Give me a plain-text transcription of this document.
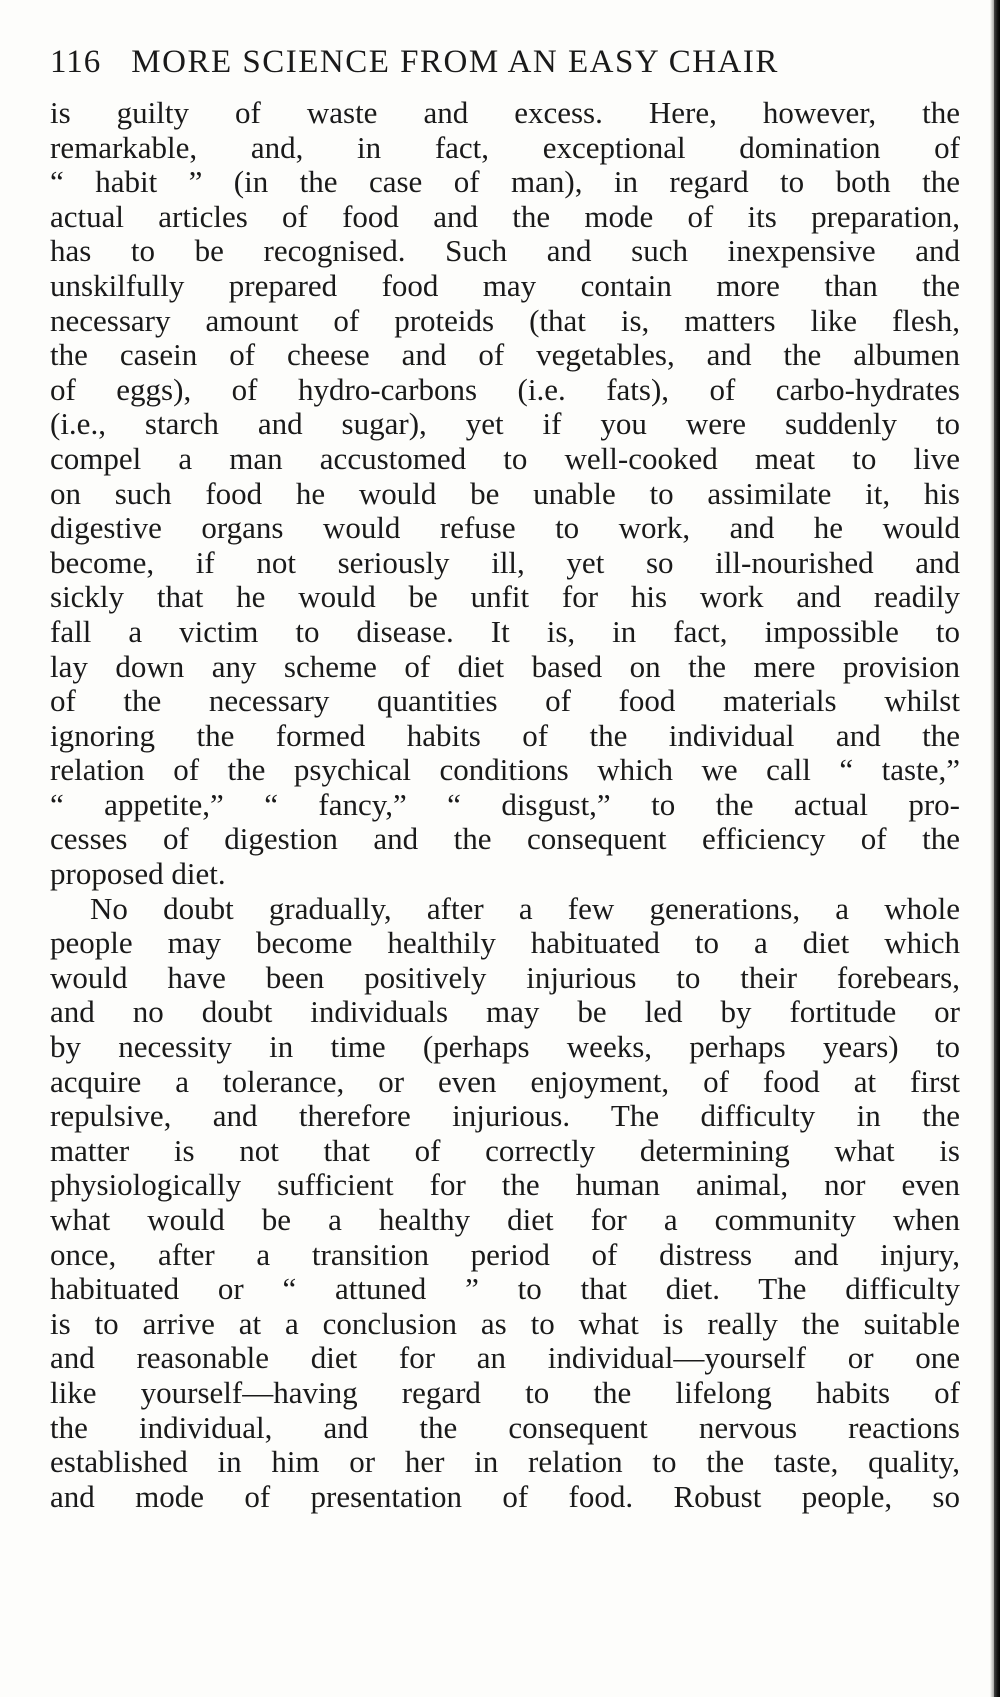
116 MORE SCIENCE FROM AN EASY CHAIR
is guilty of waste and excess. Here, however, the
remarkable, and, in fact, exceptional domination of
“ habit ” (in the case of man), in regard to both the
actual articles of food and the mode of its preparation,
has to be recognised. Such and such inexpensive and
unskilfully prepared food may contain more than the
necessary amount of proteids (that is, matters like flesh,
the casein of cheese and of vegetables, and the albumen
of eggs), of hydro-carbons (i.e. fats), of carbo-hydrates
(i.e., starch and sugar), yet if you were suddenly to
compel a man accustomed to well-cooked meat to live
on such food he would be unable to assimilate it, his
digestive organs would refuse to work, and he would
become, if not seriously ill, yet so ill-nourished and
sickly that he would be unfit for his work and readily
fall a victim to disease. It is, in fact, impossible to
lay down any scheme of diet based on the mere provision
of the necessary quantities of food materials whilst
ignoring the formed habits of the individual and the
relation of the psychical conditions which we call “ taste,”
“ appetite,” “ fancy,” “ disgust,” to the actual pro-
cesses of digestion and the consequent efficiency of the
proposed diet.
No doubt gradually, after a few generations, a whole
people may become healthily habituated to a diet which
would have been positively injurious to their forebears,
and no doubt individuals may be led by fortitude or
by necessity in time (perhaps weeks, perhaps years) to
acquire a tolerance, or even enjoyment, of food at first
repulsive, and therefore injurious. The difficulty in the
matter is not that of correctly determining what is
physiologically sufficient for the human animal, nor even
what would be a healthy diet for a community when
once, after a transition period of distress and injury,
habituated or “ attuned ” to that diet. The difficulty
is to arrive at a conclusion as to what is really the suitable
and reasonable diet for an individual—yourself or one
like yourself—having regard to the lifelong habits of
the individual, and the consequent nervous reactions
established in him or her in relation to the taste, quality,
and mode of presentation of food. Robust people, so
